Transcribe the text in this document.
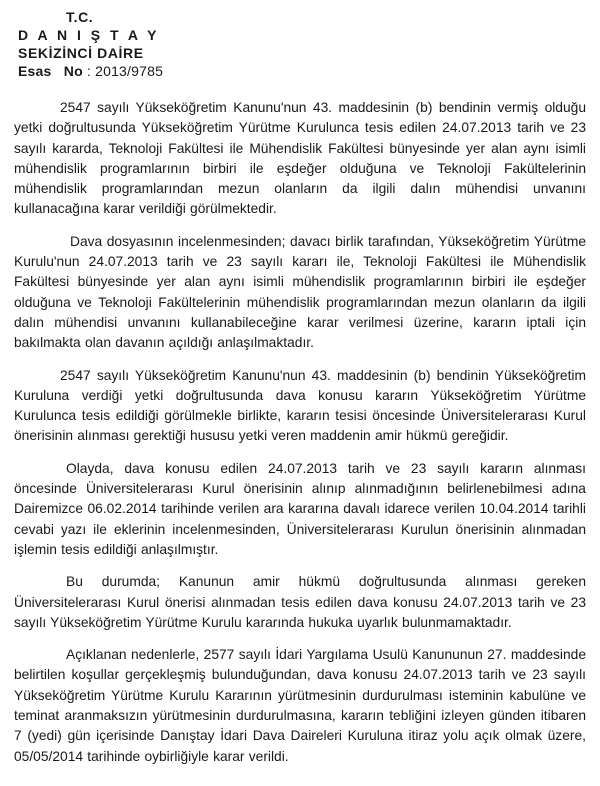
T.C.
D A N I Ş T A Y
SEKİZİNCİ DAİRE
Esas   No : 2013/9785

2547 sayılı Yükseköğretim Kanunu'nun 43. maddesinin (b) bendinin vermiş olduğu yetki doğrultusunda Yükseköğretim Yürütme Kurulunca tesis edilen 24.07.2013 tarih ve 23 sayılı kararda, Teknoloji Fakültesi ile Mühendislik Fakültesi bünyesinde yer alan aynı isimli mühendislik programlarının birbiri ile eşdeğer olduğuna ve Teknoloji Fakültelerinin mühendislik programlarından mezun olanların da ilgili dalın mühendisi unvanını kullanacağına karar verildiği görülmektedir.

Dava dosyasının incelenmesinden; davacı birlik tarafından, Yükseköğretim Yürütme Kurulu'nun 24.07.2013 tarih ve 23 sayılı kararı ile, Teknoloji Fakültesi ile Mühendislik Fakültesi bünyesinde yer alan aynı isimli mühendislik programlarının birbiri ile eşdeğer olduğuna ve Teknoloji Fakültelerinin mühendislik programlarından mezun olanların da ilgili dalın mühendisi unvanını kullanabileceğine karar verilmesi üzerine, kararın iptali için bakılmakta olan davanın açıldığı anlaşılmaktadır.

2547 sayılı Yükseköğretim Kanunu'nun 43. maddesinin (b) bendinin Yükseköğretim Kuruluna verdiği yetki doğrultusunda dava konusu kararın Yükseköğretim Yürütme Kurulunca tesis edildiği görülmekle birlikte, kararın tesisi öncesinde Üniversitelerarası Kurul önerisinin alınması gerektiği hususu yetki veren maddenin amir hükmü gereğidir.

Olayda, dava konusu edilen 24.07.2013 tarih ve 23 sayılı kararın alınması öncesinde Üniversitelerarası Kurul önerisinin alınıp alınmadığının belirlenebilmesi adına Dairemizce 06.02.2014 tarihinde verilen ara kararına davalı idarece verilen 10.04.2014 tarihli cevabi yazı ile eklerinin incelenmesinden, Üniversitelerarası Kurulun önerisinin alınmadan işlemin tesis edildiği anlaşılmıştır.

Bu durumda; Kanunun amir hükmü doğrultusunda alınması gereken Üniversitelerarası Kurul önerisi alınmadan tesis edilen dava konusu 24.07.2013 tarih ve 23 sayılı Yükseköğretim Yürütme Kurulu kararında hukuka uyarlık bulunmamaktadır.

Açıklanan nedenlerle, 2577 sayılı İdari Yargılama Usulü Kanununun 27. maddesinde belirtilen koşullar gerçekleşmiş bulunduğundan, dava konusu 24.07.2013 tarih ve 23 sayılı Yükseköğretim Yürütme Kurulu Kararının yürütmesinin durdurulması isteminin kabulüne ve teminat aranmaksızın yürütmesinin durdurulmasına, kararın tebliğini izleyen günden itibaren 7 (yedi) gün içerisinde Danıştay İdari Dava Daireleri Kuruluna itiraz yolu açık olmak üzere, 05/05/2014 tarihinde oybirliğiyle karar verildi.
